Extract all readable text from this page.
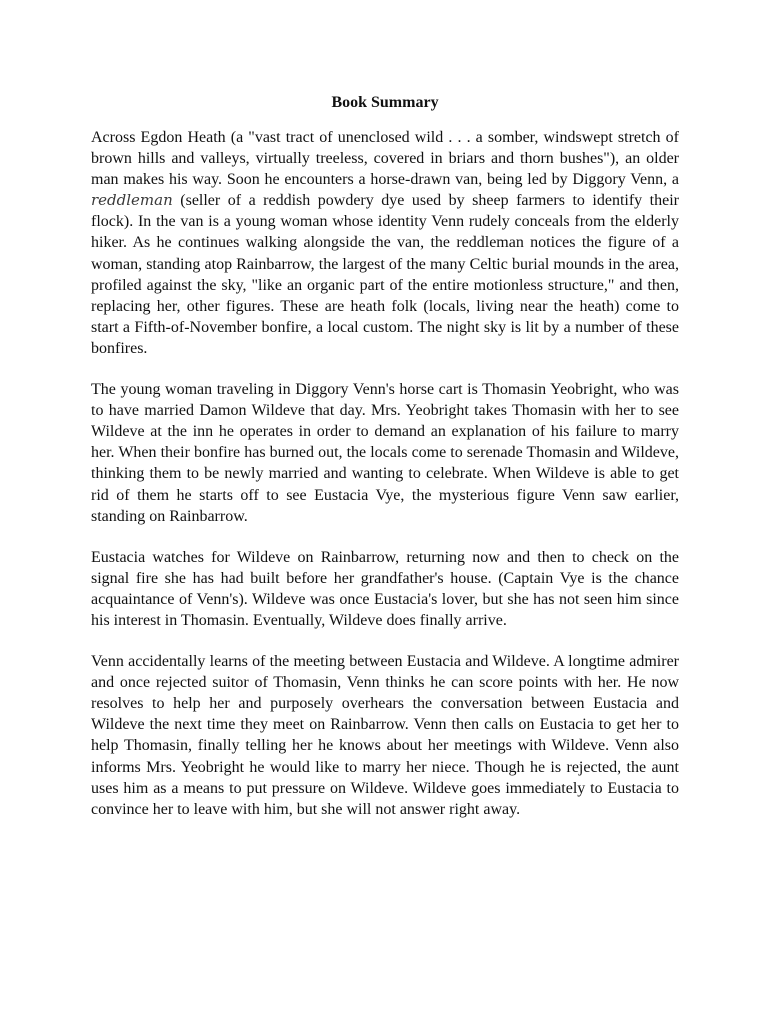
Book Summary

Across Egdon Heath (a "vast tract of unenclosed wild . . . a somber, windswept stretch of brown hills and valleys, virtually treeless, covered in briars and thorn bushes"), an older man makes his way. Soon he encounters a horse-drawn van, being led by Diggory Venn, a reddleman (seller of a reddish powdery dye used by sheep farmers to identify their flock). In the van is a young woman whose identity Venn rudely conceals from the elderly hiker. As he continues walking alongside the van, the reddleman notices the figure of a woman, standing atop Rainbarrow, the largest of the many Celtic burial mounds in the area, profiled against the sky, "like an organic part of the entire motionless structure," and then, replacing her, other figures. These are heath folk (locals, living near the heath) come to start a Fifth-of-November bonfire, a local custom. The night sky is lit by a number of these bonfires.

The young woman traveling in Diggory Venn's horse cart is Thomasin Yeobright, who was to have married Damon Wildeve that day. Mrs. Yeobright takes Thomasin with her to see Wildeve at the inn he operates in order to demand an explanation of his failure to marry her. When their bonfire has burned out, the locals come to serenade Thomasin and Wildeve, thinking them to be newly married and wanting to celebrate. When Wildeve is able to get rid of them he starts off to see Eustacia Vye, the mysterious figure Venn saw earlier, standing on Rainbarrow.

Eustacia watches for Wildeve on Rainbarrow, returning now and then to check on the signal fire she has had built before her grandfather's house. (Captain Vye is the chance acquaintance of Venn's). Wildeve was once Eustacia's lover, but she has not seen him since his interest in Thomasin. Eventually, Wildeve does finally arrive.

Venn accidentally learns of the meeting between Eustacia and Wildeve. A longtime admirer and once rejected suitor of Thomasin, Venn thinks he can score points with her. He now resolves to help her and purposely overhears the conversation between Eustacia and Wildeve the next time they meet on Rainbarrow. Venn then calls on Eustacia to get her to help Thomasin, finally telling her he knows about her meetings with Wildeve. Venn also informs Mrs. Yeobright he would like to marry her niece. Though he is rejected, the aunt uses him as a means to put pressure on Wildeve. Wildeve goes immediately to Eustacia to convince her to leave with him, but she will not answer right away.
